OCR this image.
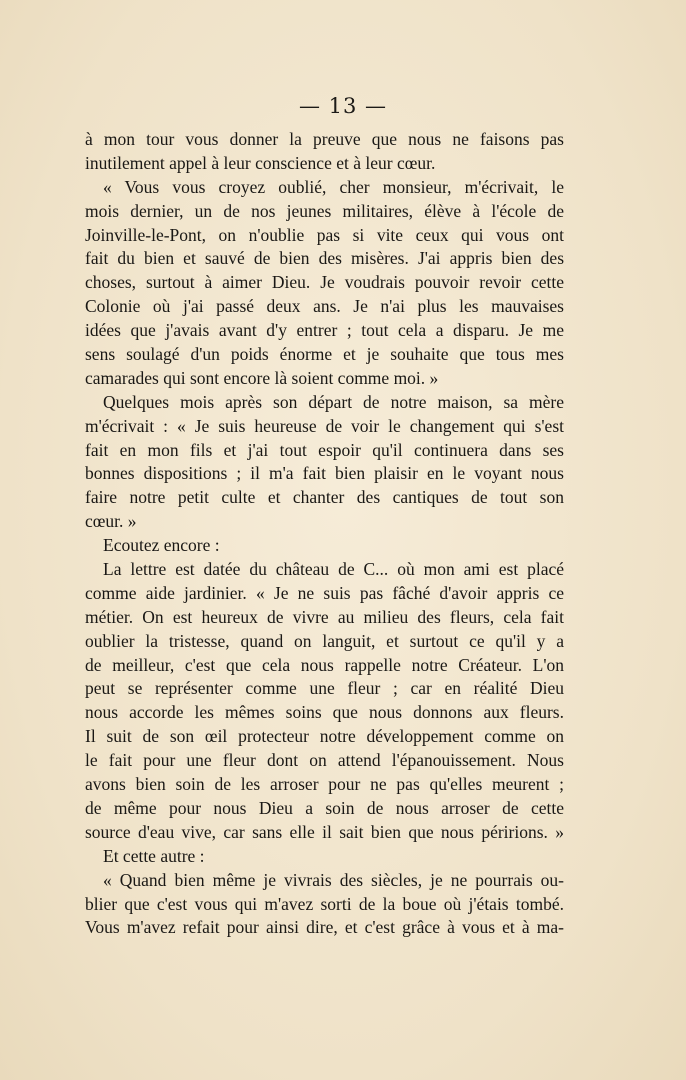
— 13 —
à mon tour vous donner la preuve que nous ne faisons pas
inutilement appel à leur conscience et à leur cœur.
« Vous vous croyez oublié, cher monsieur, m'écrivait, le
mois dernier, un de nos jeunes militaires, élève à l'école de
Joinville-le-Pont, on n'oublie pas si vite ceux qui vous ont
fait du bien et sauvé de bien des misères. J'ai appris bien des
choses, surtout à aimer Dieu. Je voudrais pouvoir revoir cette
Colonie où j'ai passé deux ans. Je n'ai plus les mauvaises
idées que j'avais avant d'y entrer ; tout cela a disparu. Je me
sens soulagé d'un poids énorme et je souhaite que tous mes
camarades qui sont encore là soient comme moi. »
Quelques mois après son départ de notre maison, sa mère
m'écrivait : « Je suis heureuse de voir le changement qui s'est
fait en mon fils et j'ai tout espoir qu'il continuera dans ses
bonnes dispositions ; il m'a fait bien plaisir en le voyant nous
faire notre petit culte et chanter des cantiques de tout son
cœur. »
Ecoutez encore :
La lettre est datée du château de C... où mon ami est placé
comme aide jardinier. « Je ne suis pas fâché d'avoir appris ce
métier. On est heureux de vivre au milieu des fleurs, cela fait
oublier la tristesse, quand on languit, et surtout ce qu'il y a
de meilleur, c'est que cela nous rappelle notre Créateur. L'on
peut se représenter comme une fleur ; car en réalité Dieu
nous accorde les mêmes soins que nous donnons aux fleurs.
Il suit de son œil protecteur notre développement comme on
le fait pour une fleur dont on attend l'épanouissement. Nous
avons bien soin de les arroser pour ne pas qu'elles meurent ;
de même pour nous Dieu a soin de nous arroser de cette
source d'eau vive, car sans elle il sait bien que nous péririons. »
Et cette autre :
« Quand bien même je vivrais des siècles, je ne pourrais ou-
blier que c'est vous qui m'avez sorti de la boue où j'étais tombé.
Vous m'avez refait pour ainsi dire, et c'est grâce à vous et à ma-
